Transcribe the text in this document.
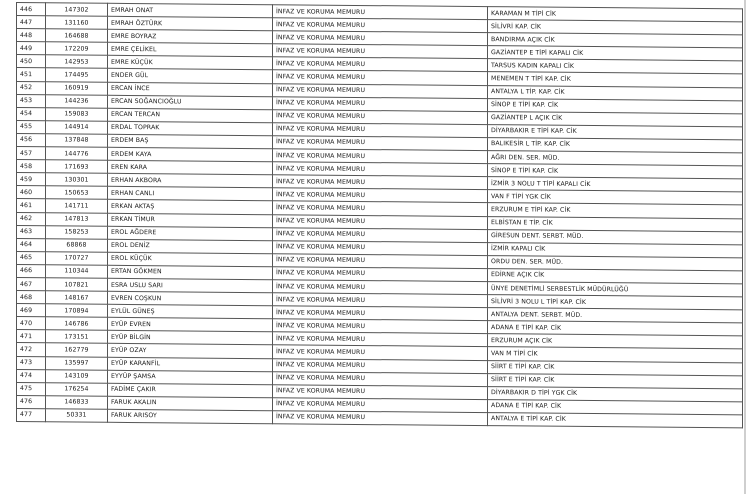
446	147302	EMRAH ONAT	İNFAZ VE KORUMA MEMURU	KARAMAN M TİPİ CİK
447	131160	EMRAH ÖZTÜRK	İNFAZ VE KORUMA MEMURU	SİLİVRİ KAP. CİK
448	164688	EMRE BOYRAZ	İNFAZ VE KORUMA MEMURU	BANDIRMA AÇIK CİK
449	172209	EMRE ÇELİKEL	İNFAZ VE KORUMA MEMURU	GAZİANTEP E TİPİ KAPALI CİK
450	142953	EMRE KÜÇÜK	İNFAZ VE KORUMA MEMURU	TARSUS KADIN KAPALI CİK
451	174495	ENDER GÜL	İNFAZ VE KORUMA MEMURU	MENEMEN T TİPİ KAP. CİK
452	160919	ERCAN İNCE	İNFAZ VE KORUMA MEMURU	ANTALYA L TİP. KAP. CİK
453	144236	ERCAN SOĞANCIOĞLU	İNFAZ VE KORUMA MEMURU	SİNOP E TİPİ KAP. CİK
454	159083	ERCAN TERCAN	İNFAZ VE KORUMA MEMURU	GAZİANTEP L AÇIK CİK
455	144914	ERDAL TOPRAK	İNFAZ VE KORUMA MEMURU	DİYARBAKIR E TİPİ KAP. CİK
456	137848	ERDEM BAŞ	İNFAZ VE KORUMA MEMURU	BALIKESİR L TİP. KAP. CİK
457	144776	ERDEM KAYA	İNFAZ VE KORUMA MEMURU	AĞRI DEN. SER. MÜD.
458	171693	EREN KARA	İNFAZ VE KORUMA MEMURU	SİNOP E TİPİ KAP. CİK
459	130301	ERHAN AKBORA	İNFAZ VE KORUMA MEMURU	İZMİR 3 NOLU T TİPİ KAPALI CİK
460	150653	ERHAN CANLI	İNFAZ VE KORUMA MEMURU	VAN F TİPİ YGK CİK
461	141711	ERKAN AKTAŞ	İNFAZ VE KORUMA MEMURU	ERZURUM E TİPİ KAP. CİK
462	147813	ERKAN TİMUR	İNFAZ VE KORUMA MEMURU	ELBİSTAN E TİP. CİK
463	158253	EROL AĞDERE	İNFAZ VE KORUMA MEMURU	GİRESUN DENT. SERBT. MÜD.
464	68868	EROL DENİZ	İNFAZ VE KORUMA MEMURU	İZMİR KAPALI CİK
465	170727	EROL KÜÇÜK	İNFAZ VE KORUMA MEMURU	ORDU DEN. SER. MÜD.
466	110344	ERTAN GÖKMEN	İNFAZ VE KORUMA MEMURU	EDİRNE AÇIK CİK
467	107821	ESRA USLU SARI	İNFAZ VE KORUMA MEMURU	ÜNYE DENETİMLİ SERBESTLİK MÜDÜRLÜĞÜ
468	148167	EVREN COŞKUN	İNFAZ VE KORUMA MEMURU	SİLİVRİ 3 NOLU L TİPİ KAP. CİK
469	170894	EYLÜL GÜNEŞ	İNFAZ VE KORUMA MEMURU	ANTALYA DENT. SERBT. MÜD.
470	146786	EYÜP EVREN	İNFAZ VE KORUMA MEMURU	ADANA E TİPİ KAP. CİK
471	173151	EYÜP BİLGİN	İNFAZ VE KORUMA MEMURU	ERZURUM AÇIK CİK
472	162779	EYÜP OZAY	İNFAZ VE KORUMA MEMURU	VAN M TİPİ CİK
473	135997	EYÜP KARANFİL	İNFAZ VE KORUMA MEMURU	SİİRT E TİPİ KAP. CİK
474	143109	EYYÜP ŞAMSA	İNFAZ VE KORUMA MEMURU	SİİRT E TİPİ KAP. CİK
475	176254	FADİME ÇAKIR	İNFAZ VE KORUMA MEMURU	DİYARBAKIR D TİPİ YGK CİK
476	146833	FARUK AKALIN	İNFAZ VE KORUMA MEMURU	ADANA E TİPİ KAP. CİK
477	50331	FARUK ARISOY	İNFAZ VE KORUMA MEMURU	ANTALYA E TİPİ KAP. CİK
